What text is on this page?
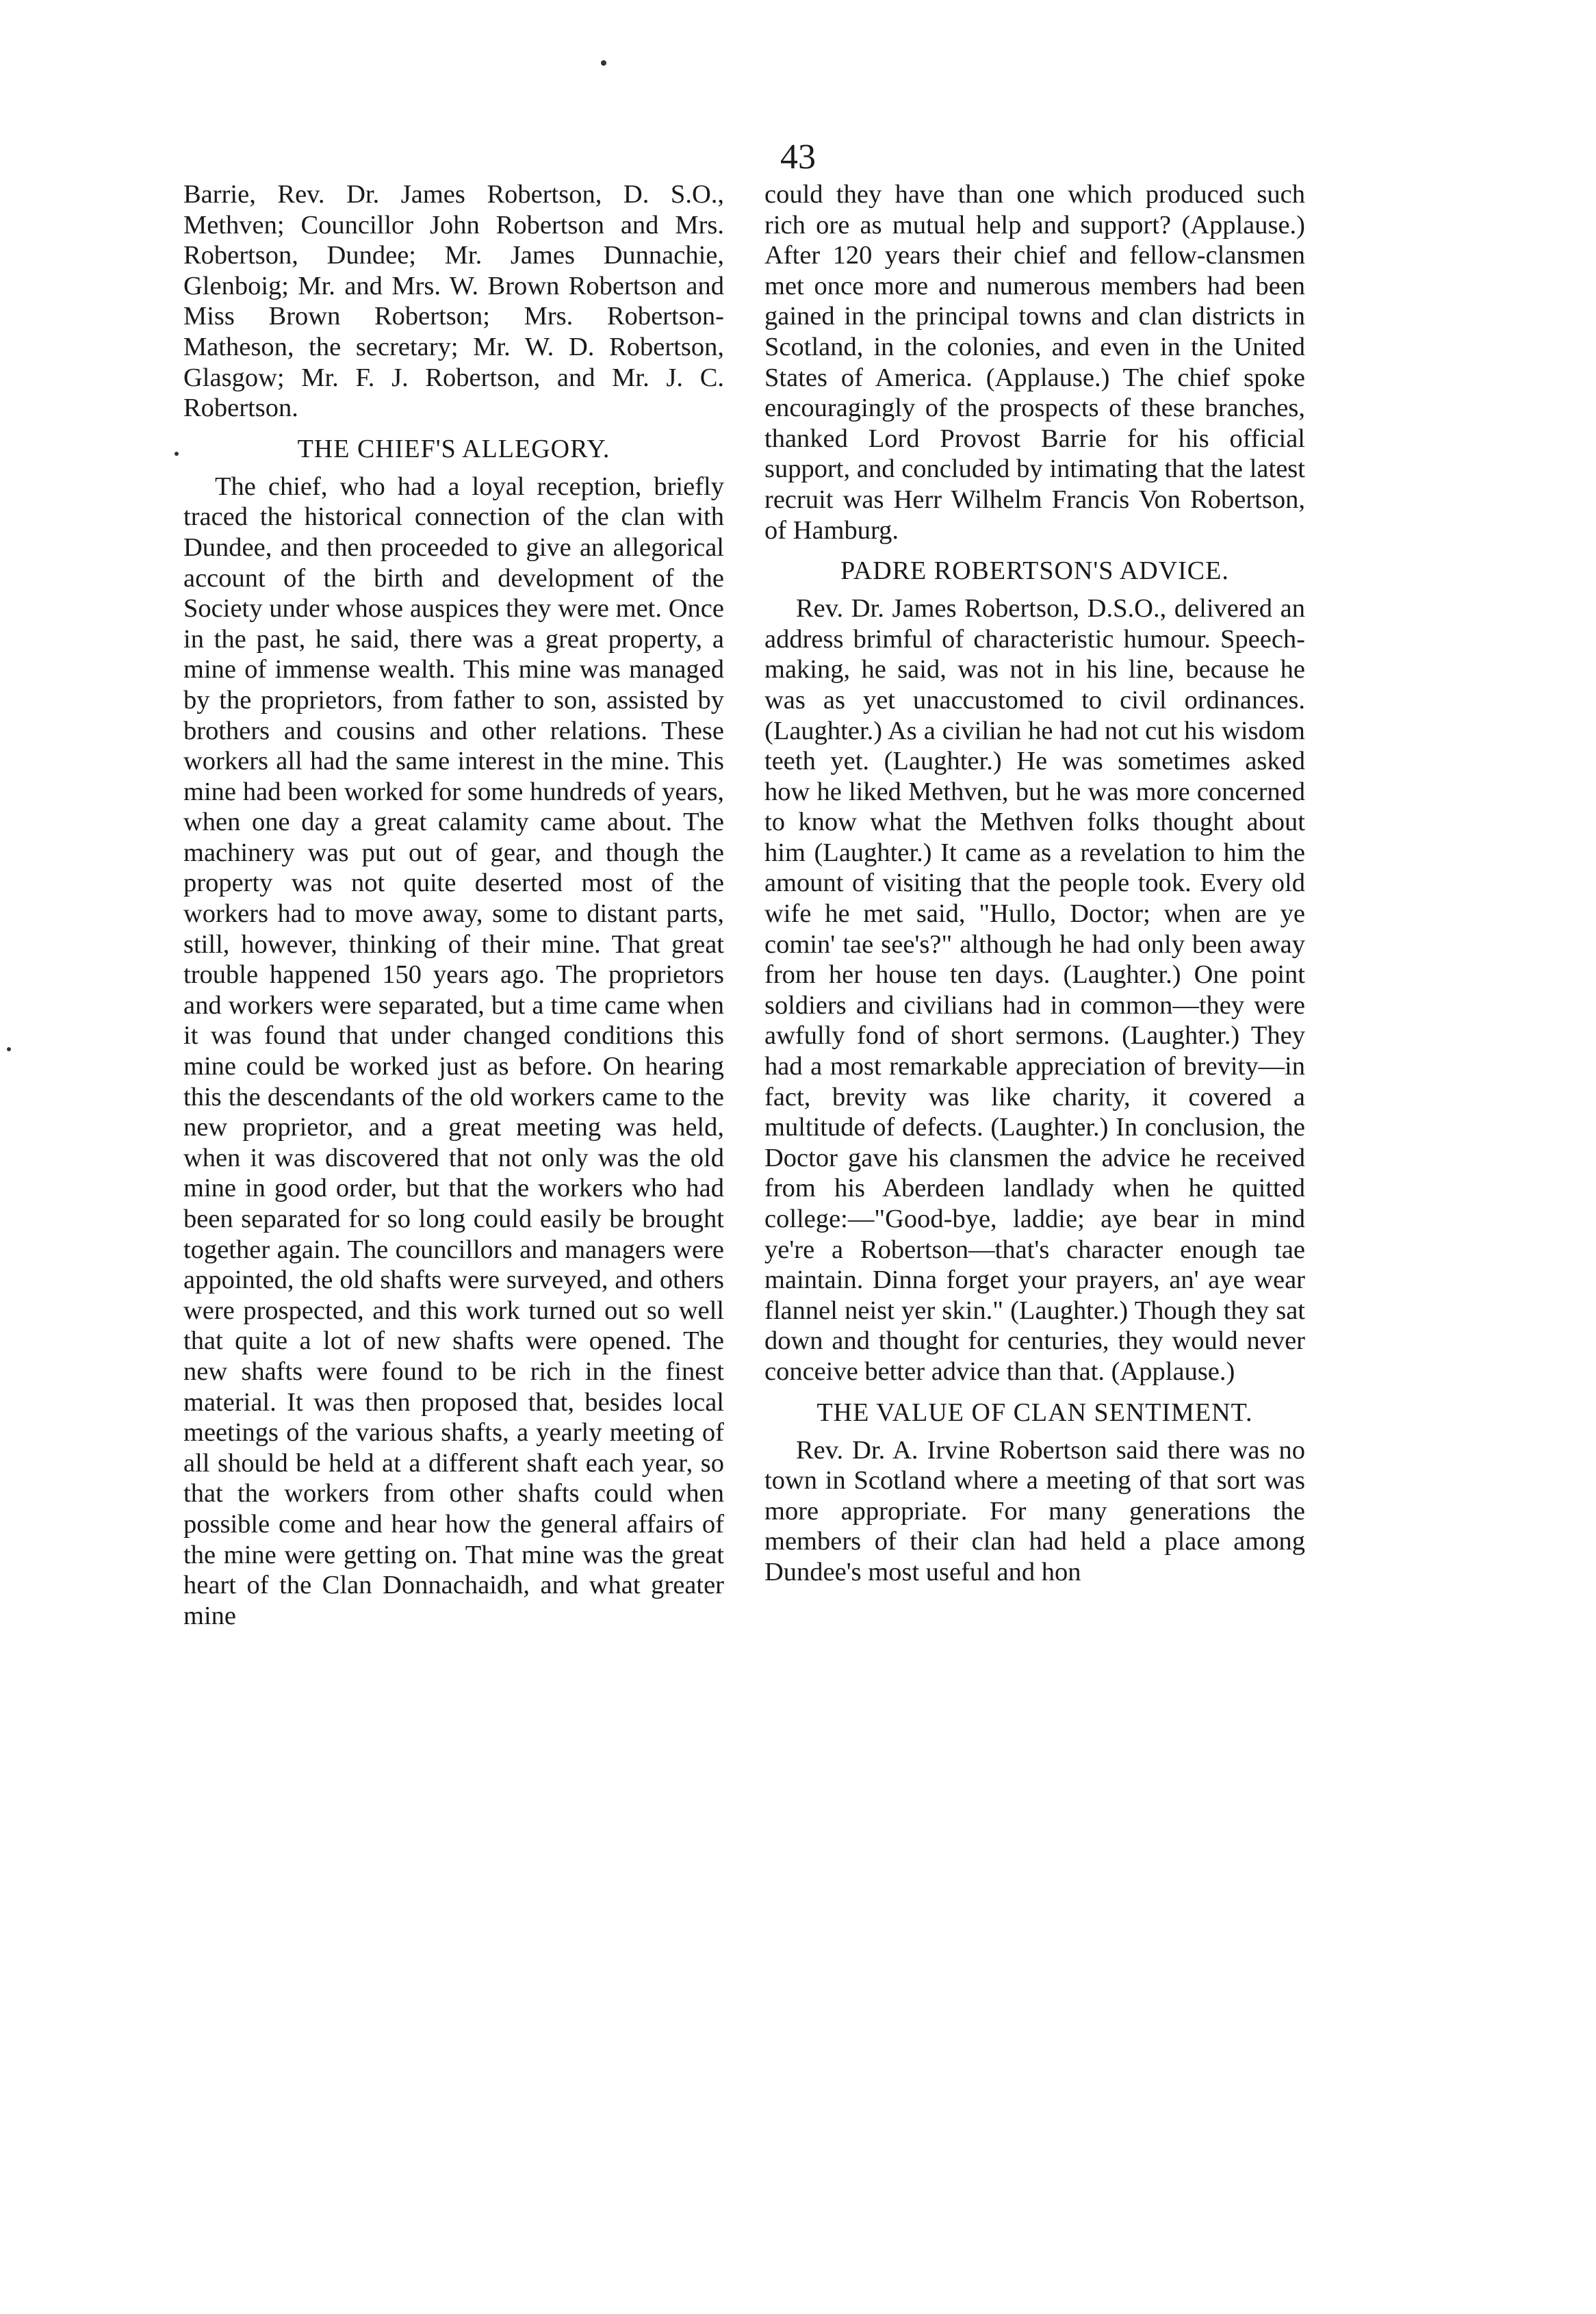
43

Barrie, Rev. Dr. James Robertson, D. S.O., Methven; Councillor John Robertson and Mrs. Robertson, Dundee; Mr. James Dunnachie, Glenboig; Mr. and Mrs. W. Brown Robertson and Miss Brown Robertson; Mrs. Robertson-Matheson, the secretary; Mr. W. D. Robertson, Glasgow; Mr. F. J. Robertson, and Mr. J. C. Robertson.

THE CHIEF'S ALLEGORY.

The chief, who had a loyal reception, briefly traced the historical connection of the clan with Dundee, and then proceeded to give an allegorical account of the birth and development of the Society under whose auspices they were met. Once in the past, he said, there was a great property, a mine of immense wealth. This mine was managed by the proprietors, from father to son, assisted by brothers and cousins and other relations. These workers all had the same interest in the mine. This mine had been worked for some hundreds of years, when one day a great calamity came about. The machinery was put out of gear, and though the property was not quite deserted most of the workers had to move away, some to distant parts, still, however, thinking of their mine. That great trouble happened 150 years ago. The proprietors and workers were separated, but a time came when it was found that under changed conditions this mine could be worked just as before. On hearing this the descendants of the old workers came to the new proprietor, and a great meeting was held, when it was discovered that not only was the old mine in good order, but that the workers who had been separated for so long could easily be brought together again. The councillors and managers were appointed, the old shafts were surveyed, and others were prospected, and this work turned out so well that quite a lot of new shafts were opened. The new shafts were found to be rich in the finest material. It was then proposed that, besides local meetings of the various shafts, a yearly meeting of all should be held at a different shaft each year, so that the workers from other shafts could when possible come and hear how the general affairs of the mine were getting on. That mine was the great heart of the Clan Donnachaidh, and what greater mine

could they have than one which produced such rich ore as mutual help and support? (Applause.) After 120 years their chief and fellow-clansmen met once more and numerous members had been gained in the principal towns and clan districts in Scotland, in the colonies, and even in the United States of America. (Applause.) The chief spoke encouragingly of the prospects of these branches, thanked Lord Provost Barrie for his official support, and concluded by intimating that the latest recruit was Herr Wilhelm Francis Von Robertson, of Hamburg.

PADRE ROBERTSON'S ADVICE.

Rev. Dr. James Robertson, D.S.O., delivered an address brimful of characteristic humour. Speech-making, he said, was not in his line, because he was as yet unaccustomed to civil ordinances. (Laughter.) As a civilian he had not cut his wisdom teeth yet. (Laughter.) He was sometimes asked how he liked Methven, but he was more concerned to know what the Methven folks thought about him (Laughter.) It came as a revelation to him the amount of visiting that the people took. Every old wife he met said, "Hullo, Doctor; when are ye comin' tae see's?" although he had only been away from her house ten days. (Laughter.) One point soldiers and civilians had in common—they were awfully fond of short sermons. (Laughter.) They had a most remarkable appreciation of brevity—in fact, brevity was like charity, it covered a multitude of defects. (Laughter.) In conclusion, the Doctor gave his clansmen the advice he received from his Aberdeen landlady when he quitted college:—"Good-bye, laddie; aye bear in mind ye're a Robertson—that's character enough tae maintain. Dinna forget your prayers, an' aye wear flannel neist yer skin." (Laughter.) Though they sat down and thought for centuries, they would never conceive better advice than that. (Applause.)

THE VALUE OF CLAN SENTIMENT.

Rev. Dr. A. Irvine Robertson said there was no town in Scotland where a meeting of that sort was more appropriate. For many generations the members of their clan had held a place among Dundee's most useful and hon
